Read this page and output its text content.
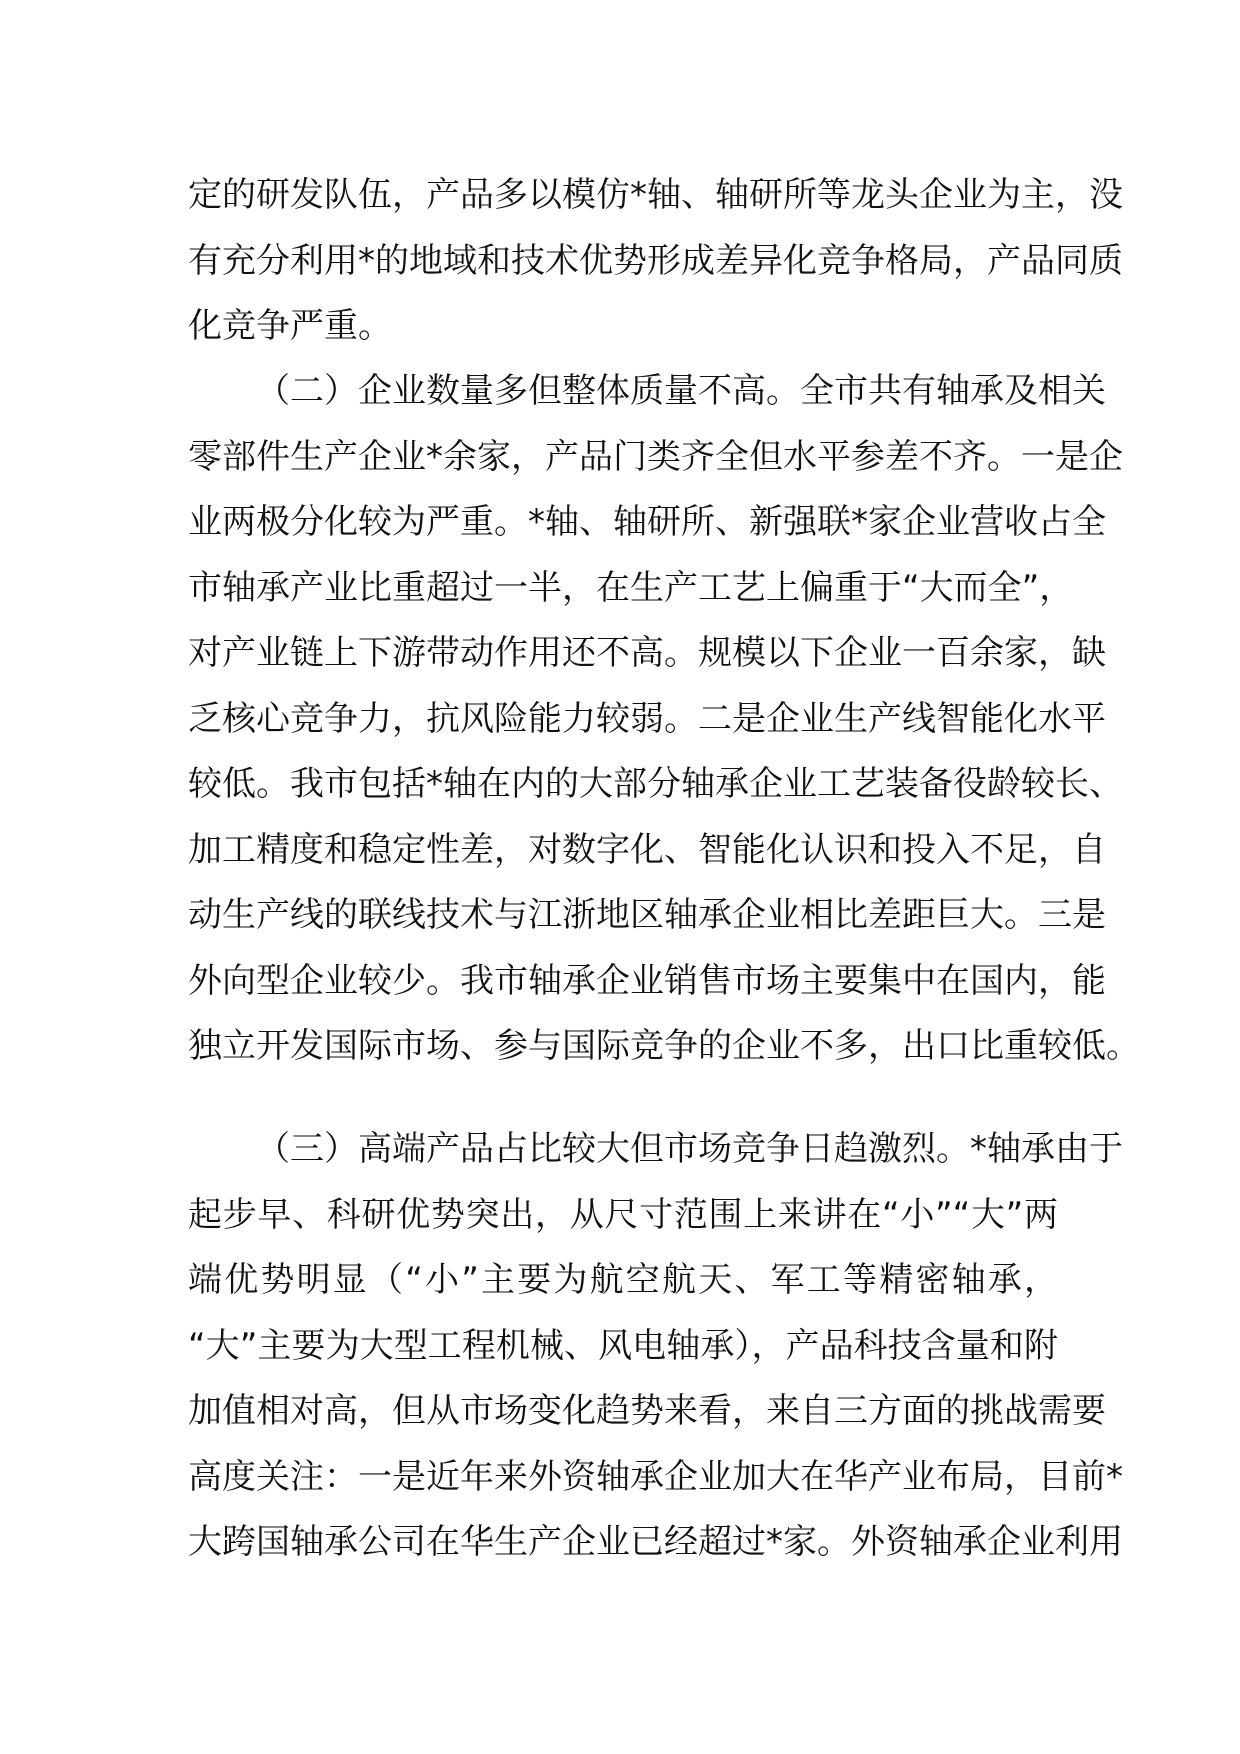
定的研发队伍，产品多以模仿*轴、轴研所等龙头企业为主，没
有充分利用*的地域和技术优势形成差异化竞争格局，产品同质
化竞争严重。
（二）企业数量多但整体质量不高。全市共有轴承及相关
零部件生产企业*余家，产品门类齐全但水平参差不齐。一是企
业两极分化较为严重。*轴、轴研所、新强联*家企业营收占全
市轴承产业比重超过一半，在生产工艺上偏重于“大而全”，
对产业链上下游带动作用还不高。规模以下企业一百余家，缺
乏核心竞争力，抗风险能力较弱。二是企业生产线智能化水平
较低。我市包括*轴在内的大部分轴承企业工艺装备役龄较长、
加工精度和稳定性差，对数字化、智能化认识和投入不足，自
动生产线的联线技术与江浙地区轴承企业相比差距巨大。三是
外向型企业较少。我市轴承企业销售市场主要集中在国内，能
独立开发国际市场、参与国际竞争的企业不多，出口比重较低。
（三）高端产品占比较大但市场竞争日趋激烈。*轴承由于
起步早、科研优势突出，从尺寸范围上来讲在“小”“大”两
端优势明显（“小”主要为航空航天、军工等精密轴承，
“大”主要为大型工程机械、风电轴承），产品科技含量和附
加值相对高，但从市场变化趋势来看，来自三方面的挑战需要
高度关注：一是近年来外资轴承企业加大在华产业布局，目前*
大跨国轴承公司在华生产企业已经超过*家。外资轴承企业利用
